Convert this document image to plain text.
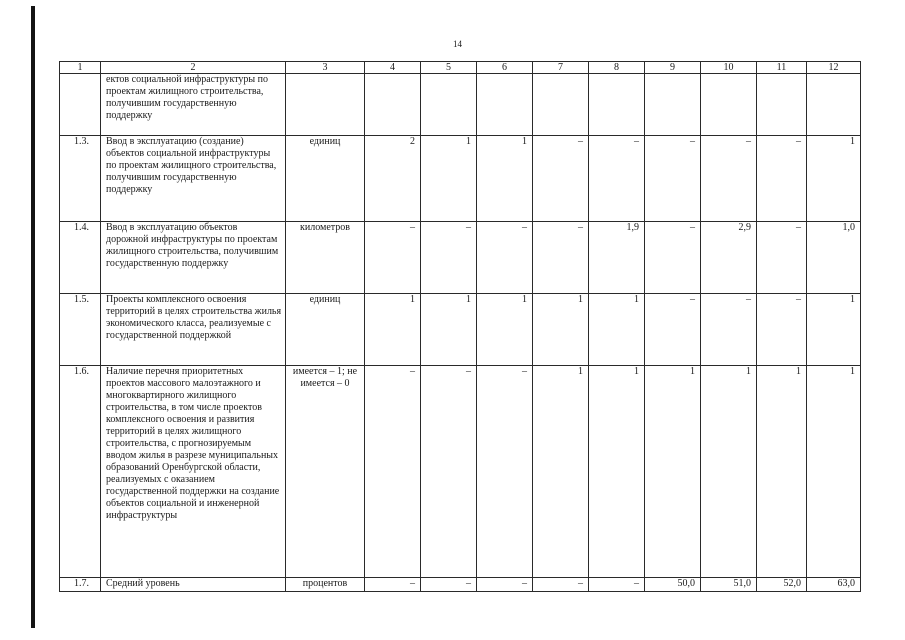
14
1	2	3	4	5	6	7	8	9	10	11	12
	ектов социальной инфраструктуры по проектам жилищного строительства, получившим государственную поддержку										
1.3.	Ввод в эксплуатацию (создание) объектов социальной инфраструктуры по проектам жилищного строительства, получившим государственную поддержку	единиц	2	1	1	–	–	–	–	–	1
1.4.	Ввод в эксплуатацию объектов дорожной инфраструктуры по проектам жилищного строительства, получившим государственную поддержку	километров	–	–	–	–	1,9	–	2,9	–	1,0
1.5.	Проекты комплексного освоения территорий в целях строительства жилья экономического класса, реализуемые с государственной поддержкой	единиц	1	1	1	1	1	–	–	–	1
1.6.	Наличие перечня приоритетных проектов массового малоэтажного и многоквартирного жилищного строительства, в том числе проектов комплексного освоения и развития территорий в целях жилищного строительства, с прогнозируемым вводом жилья в разрезе муниципальных образований Оренбургской области, реализуемых с оказанием государственной поддержки на создание объектов социальной и инженерной инфраструктуры	имеется – 1; не имеется – 0	–	–	–	1	1	1	1	1	1
1.7.	Средний уровень	процентов	–	–	–	–	–	50,0	51,0	52,0	63,0
